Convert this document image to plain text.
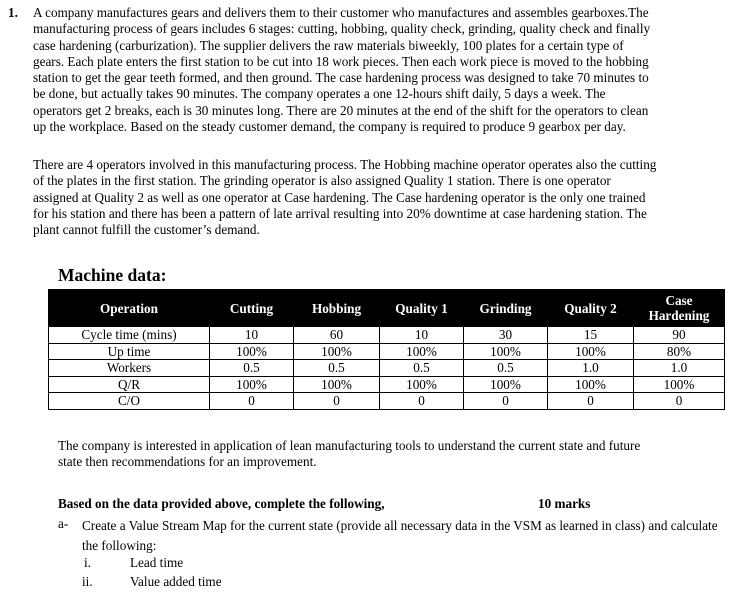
1. A company manufactures gears and delivers them to their customer who manufactures and assembles gearboxes.The
manufacturing process of gears includes 6 stages: cutting, hobbing, quality check, grinding, quality check and finally
case hardening (carburization). The supplier delivers the raw materials biweekly, 100 plates for a certain type of
gears. Each plate enters the first station to be cut into 18 work pieces. Then each work piece is moved to the hobbing
station to get the gear teeth formed, and then ground. The case hardening process was designed to take 70 minutes to
be done, but actually takes 90 minutes. The company operates a one 12-hours shift daily, 5 days a week. The
operators get 2 breaks, each is 30 minutes long. There are 20 minutes at the end of the shift for the operators to clean
up the workplace. Based on the steady customer demand, the company is required to produce 9 gearbox per day.
There are 4 operators involved in this manufacturing process. The Hobbing machine operator operates also the cutting
of the plates in the first station. The grinding operator is also assigned Quality 1 station. There is one operator
assigned at Quality 2 as well as one operator at Case hardening. The Case hardening operator is the only one trained
for his station and there has been a pattern of late arrival resulting into 20% downtime at case hardening station. The
plant cannot fulfill the customer’s demand.
Machine data:
Operation	Cutting	Hobbing	Quality 1	Grinding	Quality 2	Case Hardening
Cycle time (mins)	10	60	10	30	15	90
Up time	100%	100%	100%	100%	100%	80%
Workers	0.5	0.5	0.5	0.5	1.0	1.0
Q/R	100%	100%	100%	100%	100%	100%
C/O	0	0	0	0	0	0
The company is interested in application of lean manufacturing tools to understand the current state and future
state then recommendations for an improvement.
Based on the data provided above, complete the following,	10 marks
a- Create a Value Stream Map for the current state (provide all necessary data in the VSM as learned in class) and calculate the following:
i.	Lead time
ii.	Value added time
